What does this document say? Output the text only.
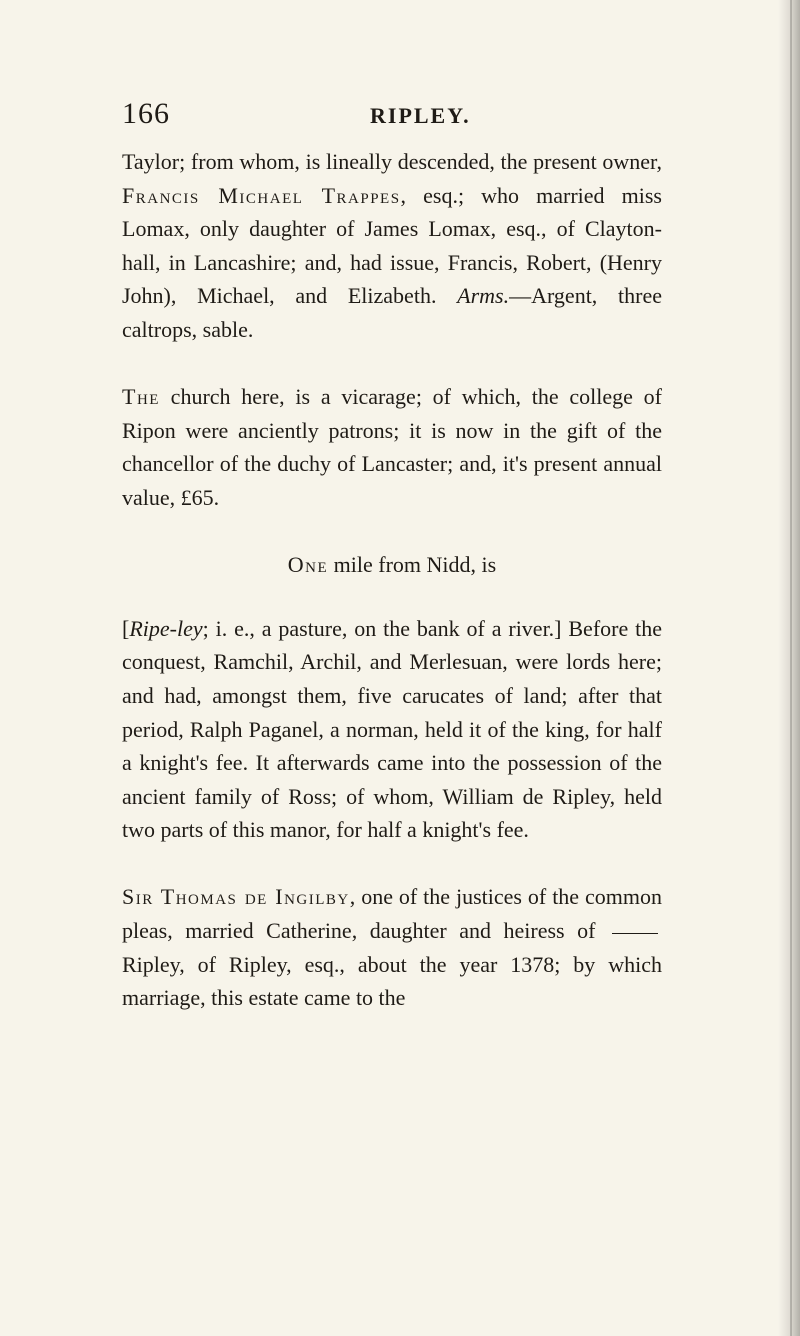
166	RIPLEY.

Taylor; from whom, is lineally descended, the present owner, Francis Michael Trappes, esq.; who married miss Lomax, only daughter of James Lomax, esq., of Clayton-hall, in Lancashire; and, had issue, Francis, Robert, (Henry John), Michael, and Elizabeth. Arms.—Argent, three caltrops, sable.

The church here, is a vicarage; of which, the college of Ripon were anciently patrons; it is now in the gift of the chancellor of the duchy of Lancaster; and, it's present annual value, £65.

One mile from Nidd, is

[Ripe-ley; i. e., a pasture, on the bank of a river.] Before the conquest, Ramchil, Archil, and Merlesuan, were lords here; and had, amongst them, five carucates of land; after that period, Ralph Paganel, a norman, held it of the king, for half a knight's fee. It afterwards came into the possession of the ancient family of Ross; of whom, William de Ripley, held two parts of this manor, for half a knight's fee.

Sir Thomas de Ingilby, one of the justices of the common pleas, married Catherine, daughter and heiress of  Ripley, of Ripley, esq., about the year 1378; by which marriage, this estate came to the
